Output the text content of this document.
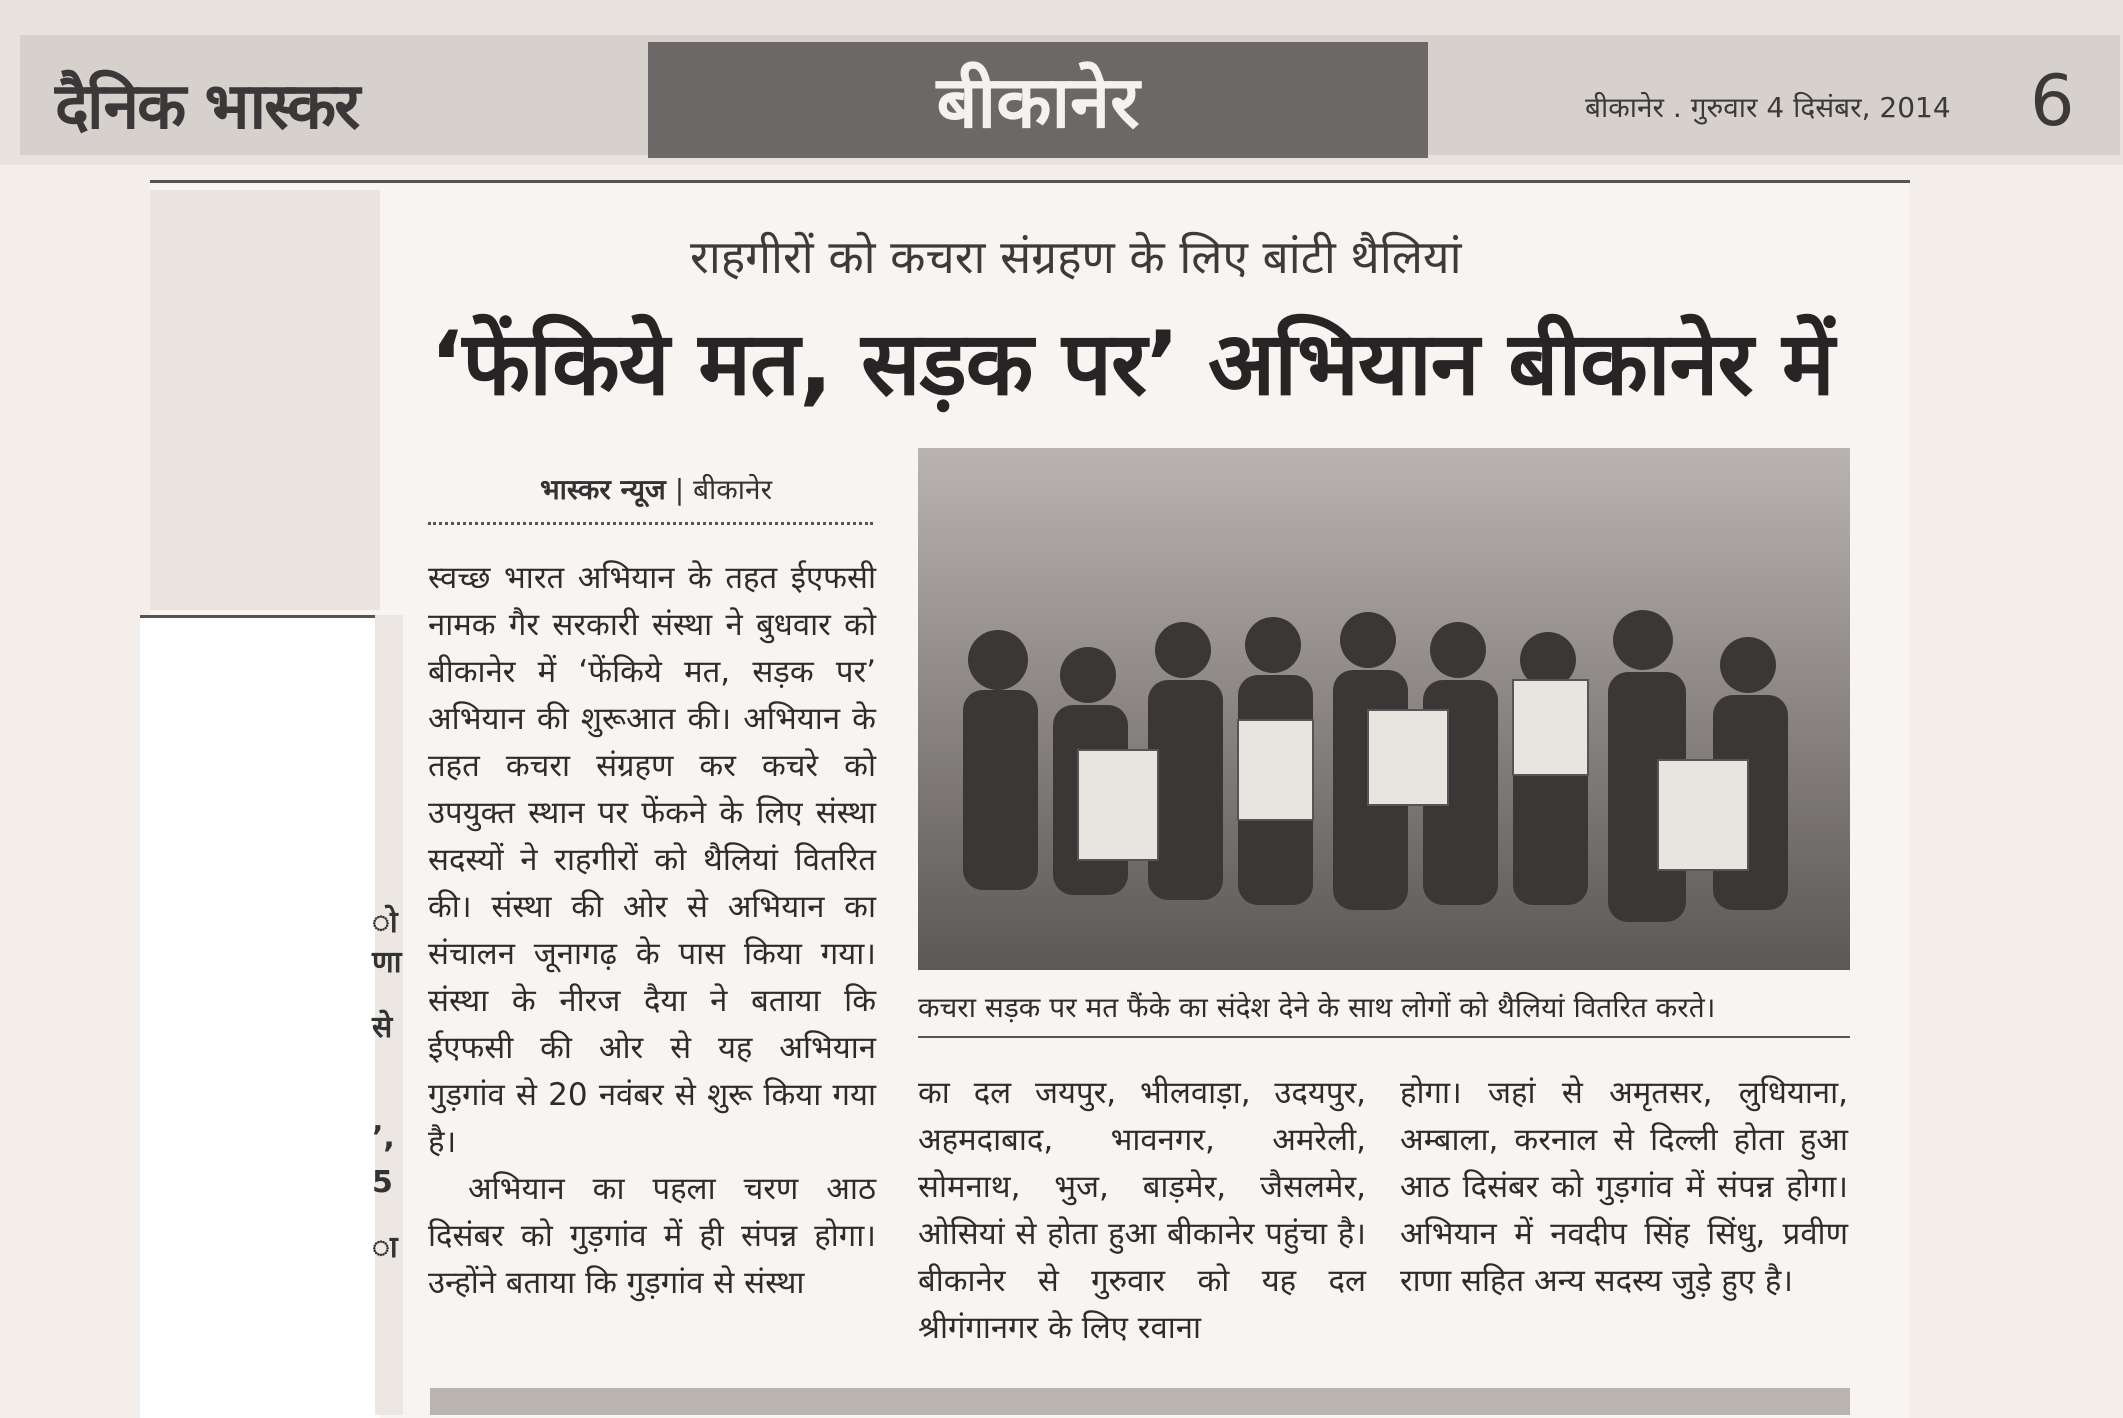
दैनिक भास्कर	बीकानेर	बीकानेर . गुरुवार 4 दिसंबर, 2014 6
ो
णा
से
’,
5
ा
राहगीरों को कचरा संग्रहण के लिए बांटी थैलियां
‘फेंकिये मत, सड़क पर’ अभियान बीकानेर में
भास्कर न्यूज | बीकानेर

स्वच्छ भारत अभियान के तहत ईएफसी नामक गैर सरकारी संस्था ने बुधवार को बीकानेर में ‘फेंकिये मत, सड़क पर’ अभियान की शुरूआत की। अभियान के तहत कचरा संग्रहण कर कचरे को उपयुक्त स्थान पर फेंकने के लिए संस्था सदस्यों ने राहगीरों को थैलियां वितरित की। संस्था की ओर से अभियान का संचालन जूनागढ़ के पास किया गया। संस्था के नीरज दैया ने बताया कि ईएफसी की ओर से यह अभियान गुड़गांव से 20 नवंबर से शुरू किया गया है।

अभियान का पहला चरण आठ दिसंबर को गुड़गांव में ही संपन्न होगा। उन्होंने बताया कि गुड़गांव से संस्था

कचरा सड़क पर मत फैंके का संदेश देने के साथ लोगों को थैलियां वितरित करते।

का दल जयपुर, भीलवाड़ा, उदयपुर, अहमदाबाद, भावनगर, अमरेली, सोमनाथ, भुज, बाड़मेर, जैसलमेर, ओसियां से होता हुआ बीकानेर पहुंचा है। बीकानेर से गुरुवार को यह दल श्रीगंगानगर के लिए रवाना

होगा। जहां से अमृतसर, लुधियाना, अम्बाला, करनाल से दिल्ली होता हुआ आठ दिसंबर को गुड़गांव में संपन्न होगा। अभियान में नवदीप सिंह सिंधु, प्रवीण राणा सहित अन्य सदस्य जुड़े हुए है।
